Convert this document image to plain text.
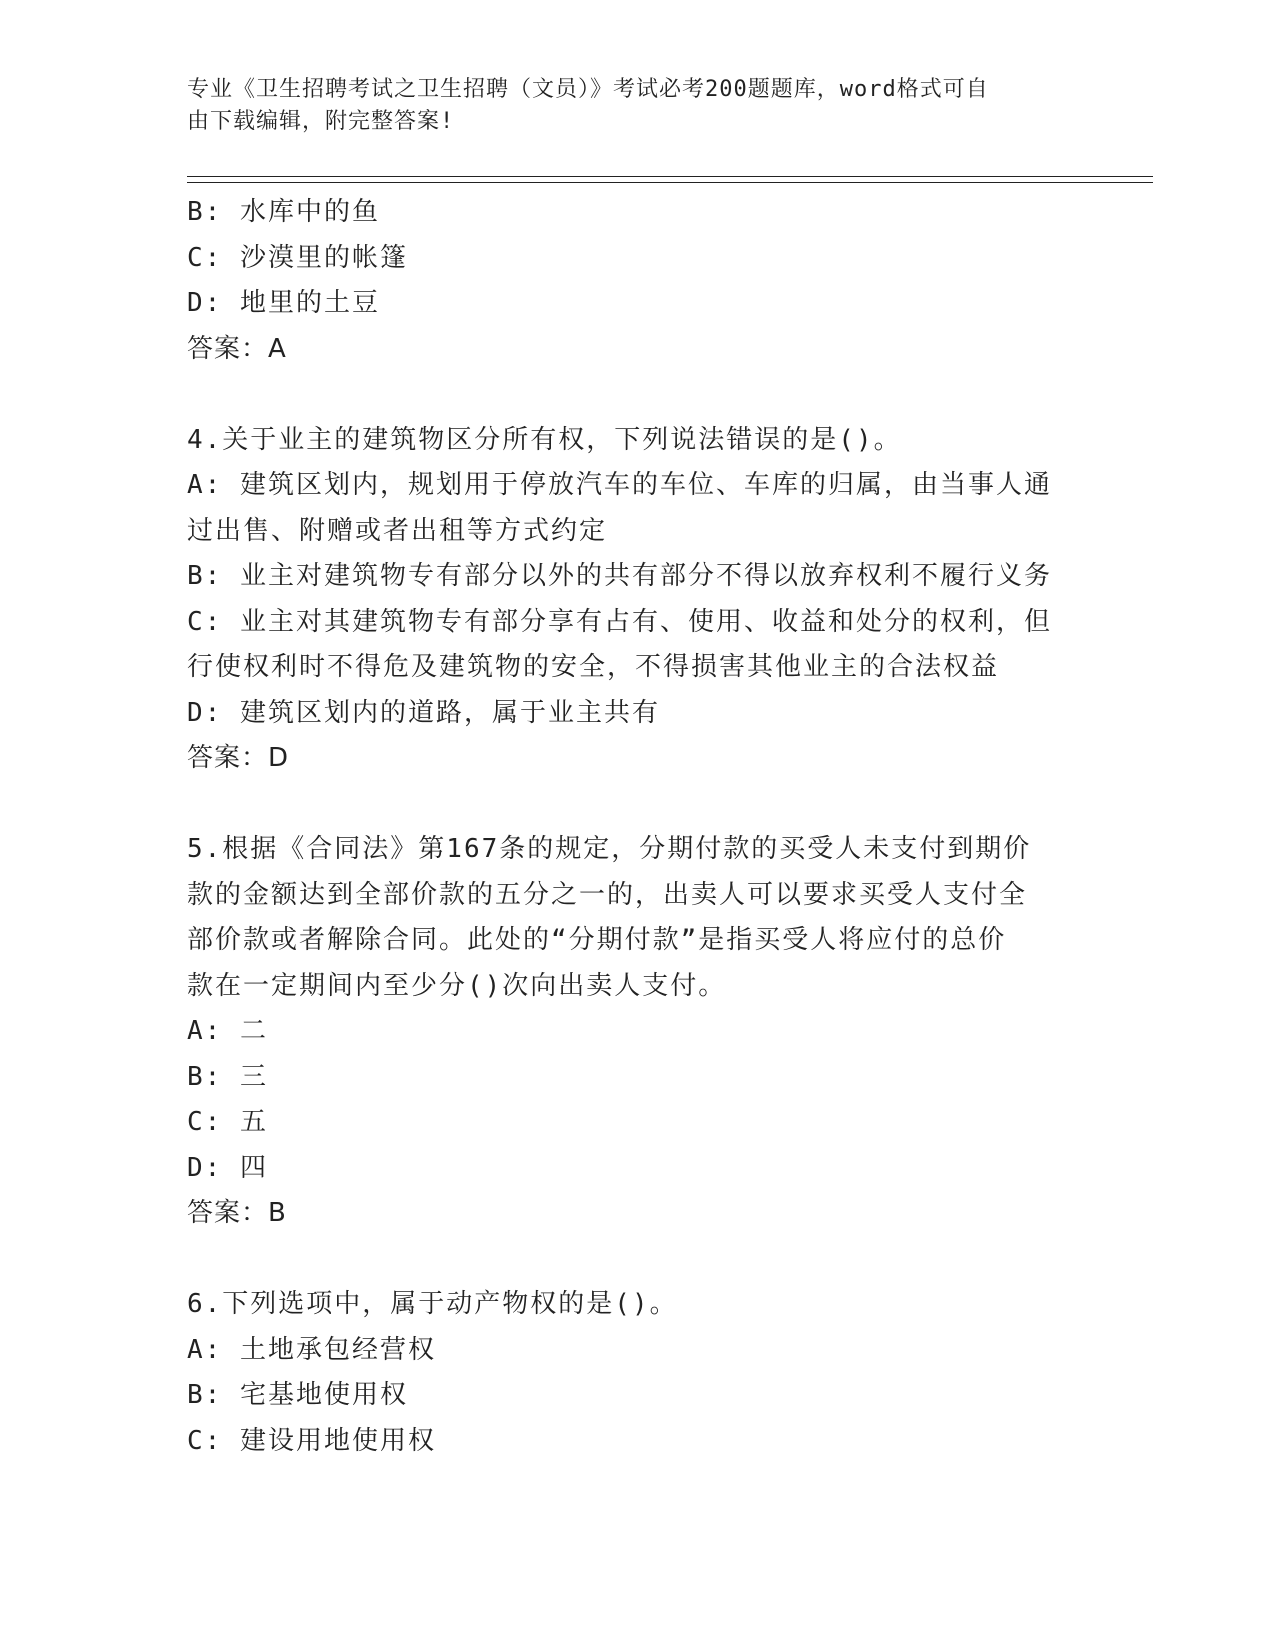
专业《卫生招聘考试之卫生招聘（文员）》考试必考200题题库，word格式可自
由下载编辑，附完整答案!

B: 水库中的鱼

C: 沙漠里的帐篷

D: 地里的土豆

答案：A

4.关于业主的建筑物区分所有权，下列说法错误的是()。

A: 建筑区划内，规划用于停放汽车的车位、车库的归属，由当事人通

过出售、附赠或者出租等方式约定

B: 业主对建筑物专有部分以外的共有部分不得以放弃权利不履行义务

C: 业主对其建筑物专有部分享有占有、使用、收益和处分的权利，但

行使权利时不得危及建筑物的安全，不得损害其他业主的合法权益

D: 建筑区划内的道路，属于业主共有

答案：D

5.根据《合同法》第167条的规定，分期付款的买受人未支付到期价

款的金额达到全部价款的五分之一的，出卖人可以要求买受人支付全

部价款或者解除合同。此处的“分期付款”是指买受人将应付的总价

款在一定期间内至少分()次向出卖人支付。

A: 二

B: 三

C: 五

D: 四

答案：B

6.下列选项中，属于动产物权的是()。

A: 土地承包经营权

B: 宅基地使用权

C: 建设用地使用权
